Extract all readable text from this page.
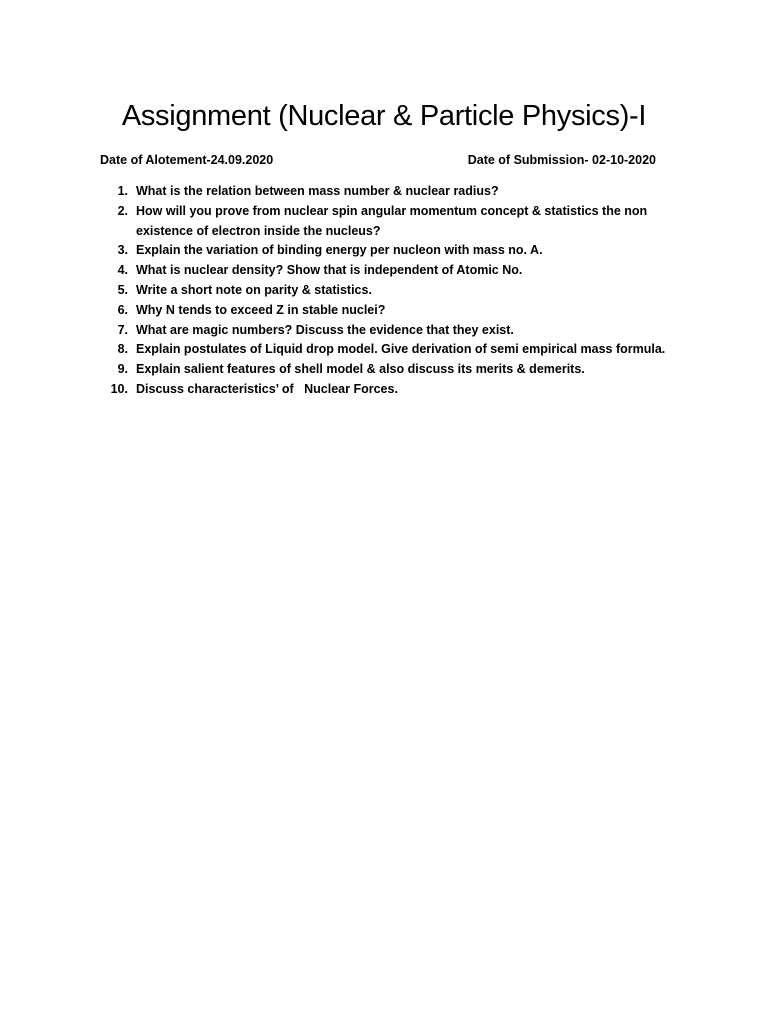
Assignment (Nuclear & Particle Physics)-I
Date of Alotement-24.09.2020	Date of Submission- 02-10-2020
1. What is the relation between mass number & nuclear radius?
2. How will you prove from nuclear spin angular momentum concept & statistics the non existence of electron inside the nucleus?
3. Explain the variation of binding energy per nucleon with mass no. A.
4. What is nuclear density? Show that is independent of Atomic No.
5. Write a short note on parity & statistics.
6. Why N tends to exceed Z in stable nuclei?
7. What are magic numbers? Discuss the evidence that they exist.
8. Explain postulates of Liquid drop model. Give derivation of semi empirical mass formula.
9. Explain salient features of shell model & also discuss its merits & demerits.
10. Discuss characteristics’ of   Nuclear Forces.
